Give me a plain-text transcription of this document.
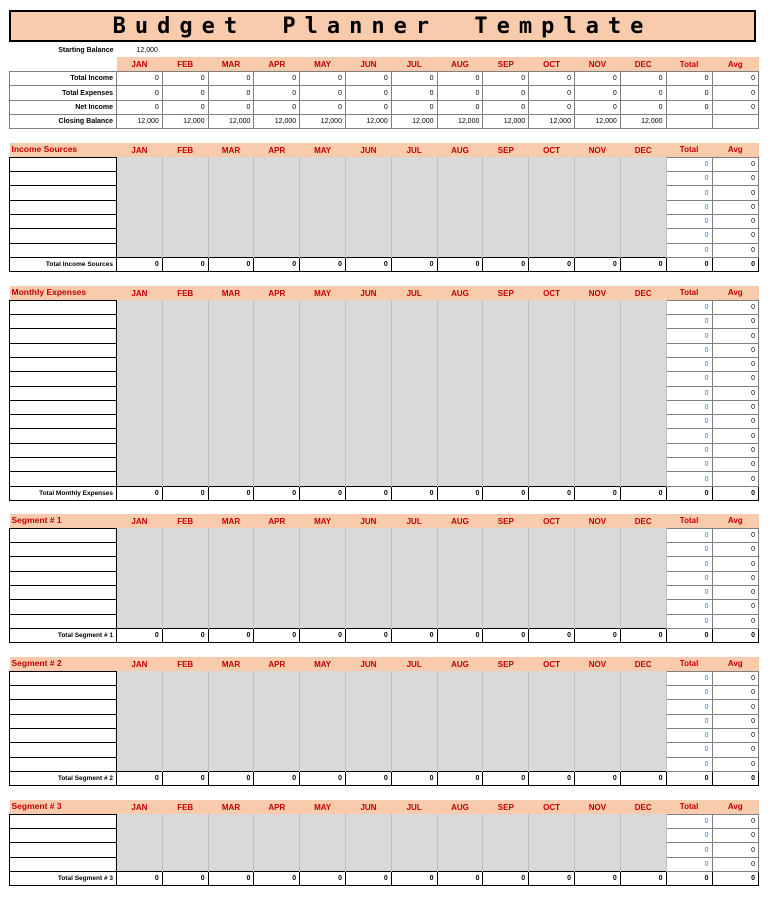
Budget Planner Template
Starting Balance	12,000													
	JAN	FEB	MAR	APR	MAY	JUN	JUL	AUG	SEP	OCT	NOV	DEC	Total	Avg
Total Income	0	0	0	0	0	0	0	0	0	0	0	0	0	0
Total Expenses	0	0	0	0	0	0	0	0	0	0	0	0	0	0
Net Income	0	0	0	0	0	0	0	0	0	0	0	0	0	0
Closing Balance	12,000	12,000	12,000	12,000	12,000	12,000	12,000	12,000	12,000	12,000	12,000	12,000		
Income Sources	JAN	FEB	MAR	APR	MAY	JUN	JUL	AUG	SEP	OCT	NOV	DEC	Total	Avg
													0	0
													0	0
													0	0
													0	0
													0	0
													0	0
													0	0
Total Income Sources	0	0	0	0	0	0	0	0	0	0	0	0	0	0
Monthly Expenses	JAN	FEB	MAR	APR	MAY	JUN	JUL	AUG	SEP	OCT	NOV	DEC	Total	Avg
													0	0
													0	0
													0	0
													0	0
													0	0
													0	0
													0	0
													0	0
													0	0
													0	0
													0	0
													0	0
													0	0
Total Monthly Expenses	0	0	0	0	0	0	0	0	0	0	0	0	0	0
Segment # 1	JAN	FEB	MAR	APR	MAY	JUN	JUL	AUG	SEP	OCT	NOV	DEC	Total	Avg
													0	0
													0	0
													0	0
													0	0
													0	0
													0	0
													0	0
Total Segment # 1	0	0	0	0	0	0	0	0	0	0	0	0	0	0
Segment # 2	JAN	FEB	MAR	APR	MAY	JUN	JUL	AUG	SEP	OCT	NOV	DEC	Total	Avg
													0	0
													0	0
													0	0
													0	0
													0	0
													0	0
													0	0
Total Segment # 2	0	0	0	0	0	0	0	0	0	0	0	0	0	0
Segment # 3	JAN	FEB	MAR	APR	MAY	JUN	JUL	AUG	SEP	OCT	NOV	DEC	Total	Avg
													0	0
													0	0
													0	0
													0	0
Total Segment # 3	0	0	0	0	0	0	0	0	0	0	0	0	0	0
